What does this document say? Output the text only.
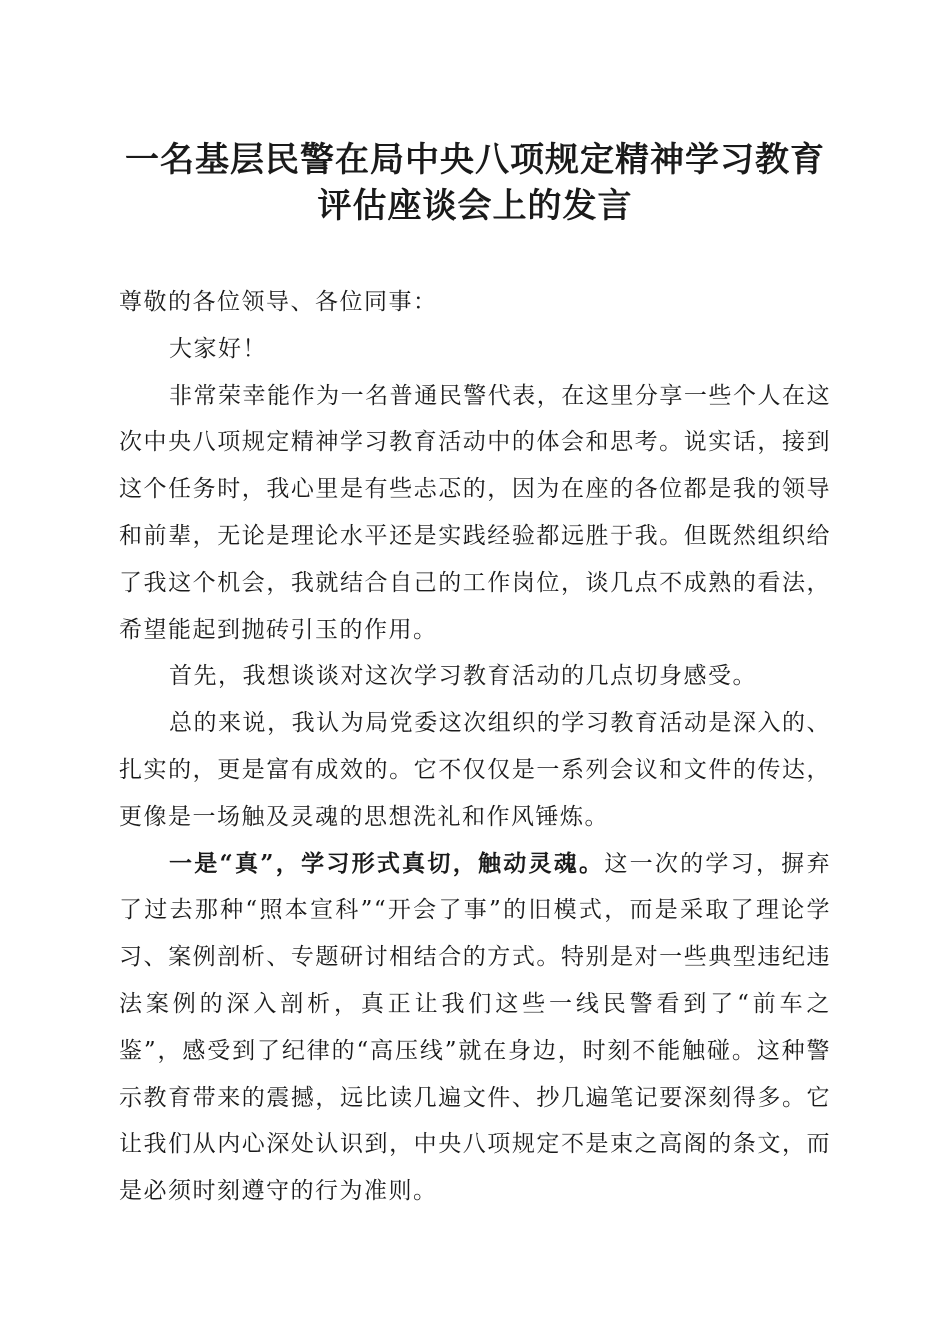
一名基层民警在局中央八项规定精神学习教育
评估座谈会上的发言

尊敬的各位领导、各位同事：

大家好！

非常荣幸能作为一名普通民警代表，在这里分享一些个人在这次中央八项规定精神学习教育活动中的体会和思考。说实话，接到这个任务时，我心里是有些忐忑的，因为在座的各位都是我的领导和前辈，无论是理论水平还是实践经验都远胜于我。但既然组织给了我这个机会，我就结合自己的工作岗位，谈几点不成熟的看法，希望能起到抛砖引玉的作用。

首先，我想谈谈对这次学习教育活动的几点切身感受。

总的来说，我认为局党委这次组织的学习教育活动是深入的、扎实的，更是富有成效的。它不仅仅是一系列会议和文件的传达，更像是一场触及灵魂的思想洗礼和作风锤炼。

一是“真”，学习形式真切，触动灵魂。这一次的学习，摒弃了过去那种“照本宣科”“开会了事”的旧模式，而是采取了理论学习、案例剖析、专题研讨相结合的方式。特别是对一些典型违纪违法案例的深入剖析，真正让我们这些一线民警看到了“前车之鉴”，感受到了纪律的“高压线”就在身边，时刻不能触碰。这种警示教育带来的震撼，远比读几遍文件、抄几遍笔记要深刻得多。它让我们从内心深处认识到，中央八项规定不是束之高阁的条文，而是必须时刻遵守的行为准则。
